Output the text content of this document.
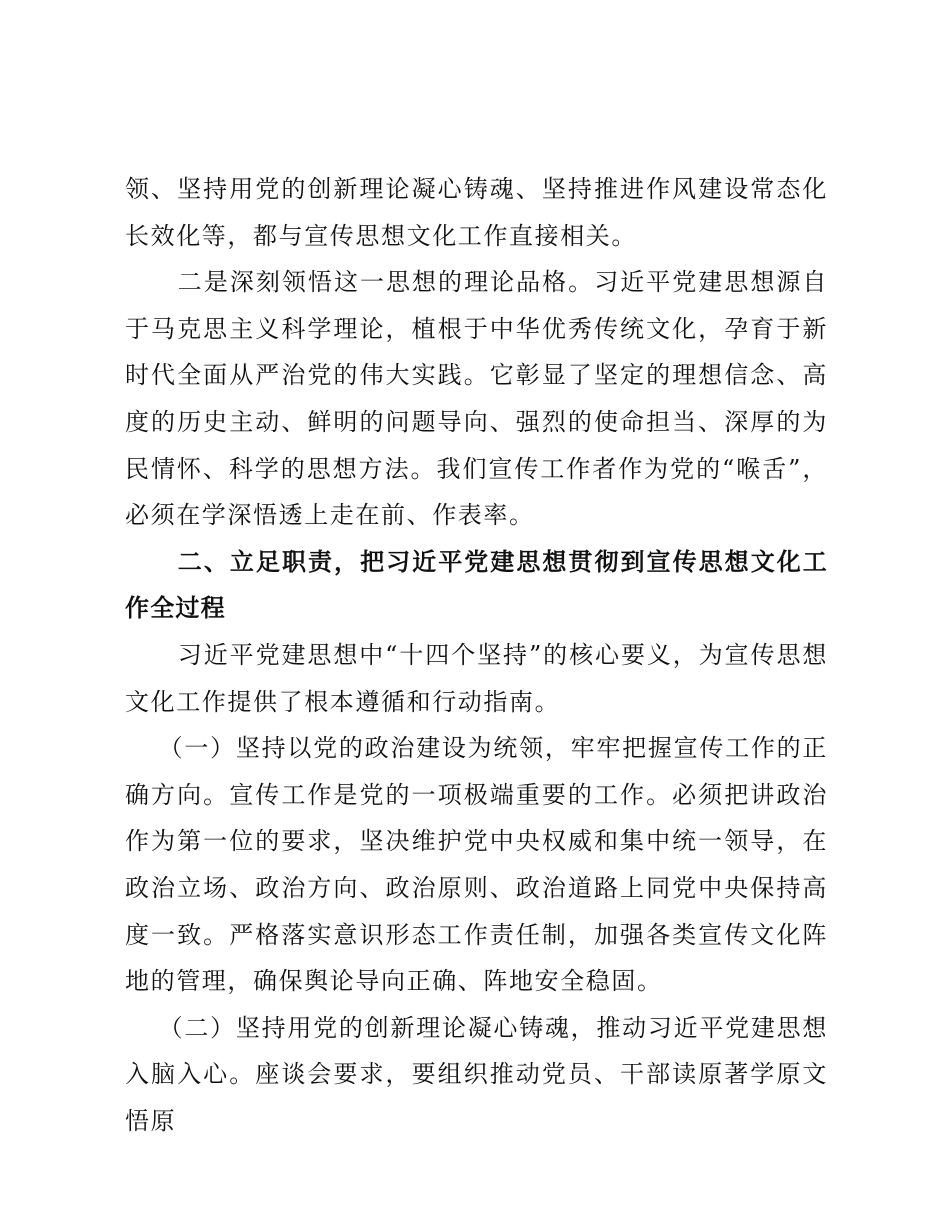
领、坚持用党的创新理论凝心铸魂、坚持推进作风建设常态化长效化等，都与宣传思想文化工作直接相关。

二是深刻领悟这一思想的理论品格。习近平党建思想源自于马克思主义科学理论，植根于中华优秀传统文化，孕育于新时代全面从严治党的伟大实践。它彰显了坚定的理想信念、高度的历史主动、鲜明的问题导向、强烈的使命担当、深厚的为民情怀、科学的思想方法。我们宣传工作者作为党的“喉舌”，必须在学深悟透上走在前、作表率。

二、立足职责，把习近平党建思想贯彻到宣传思想文化工作全过程

习近平党建思想中“十四个坚持”的核心要义，为宣传思想文化工作提供了根本遵循和行动指南。

（一）坚持以党的政治建设为统领，牢牢把握宣传工作的正确方向。宣传工作是党的一项极端重要的工作。必须把讲政治作为第一位的要求，坚决维护党中央权威和集中统一领导，在政治立场、政治方向、政治原则、政治道路上同党中央保持高度一致。严格落实意识形态工作责任制，加强各类宣传文化阵地的管理，确保舆论导向正确、阵地安全稳固。

（二）坚持用党的创新理论凝心铸魂，推动习近平党建思想入脑入心。座谈会要求，要组织推动党员、干部读原著学原文悟原
